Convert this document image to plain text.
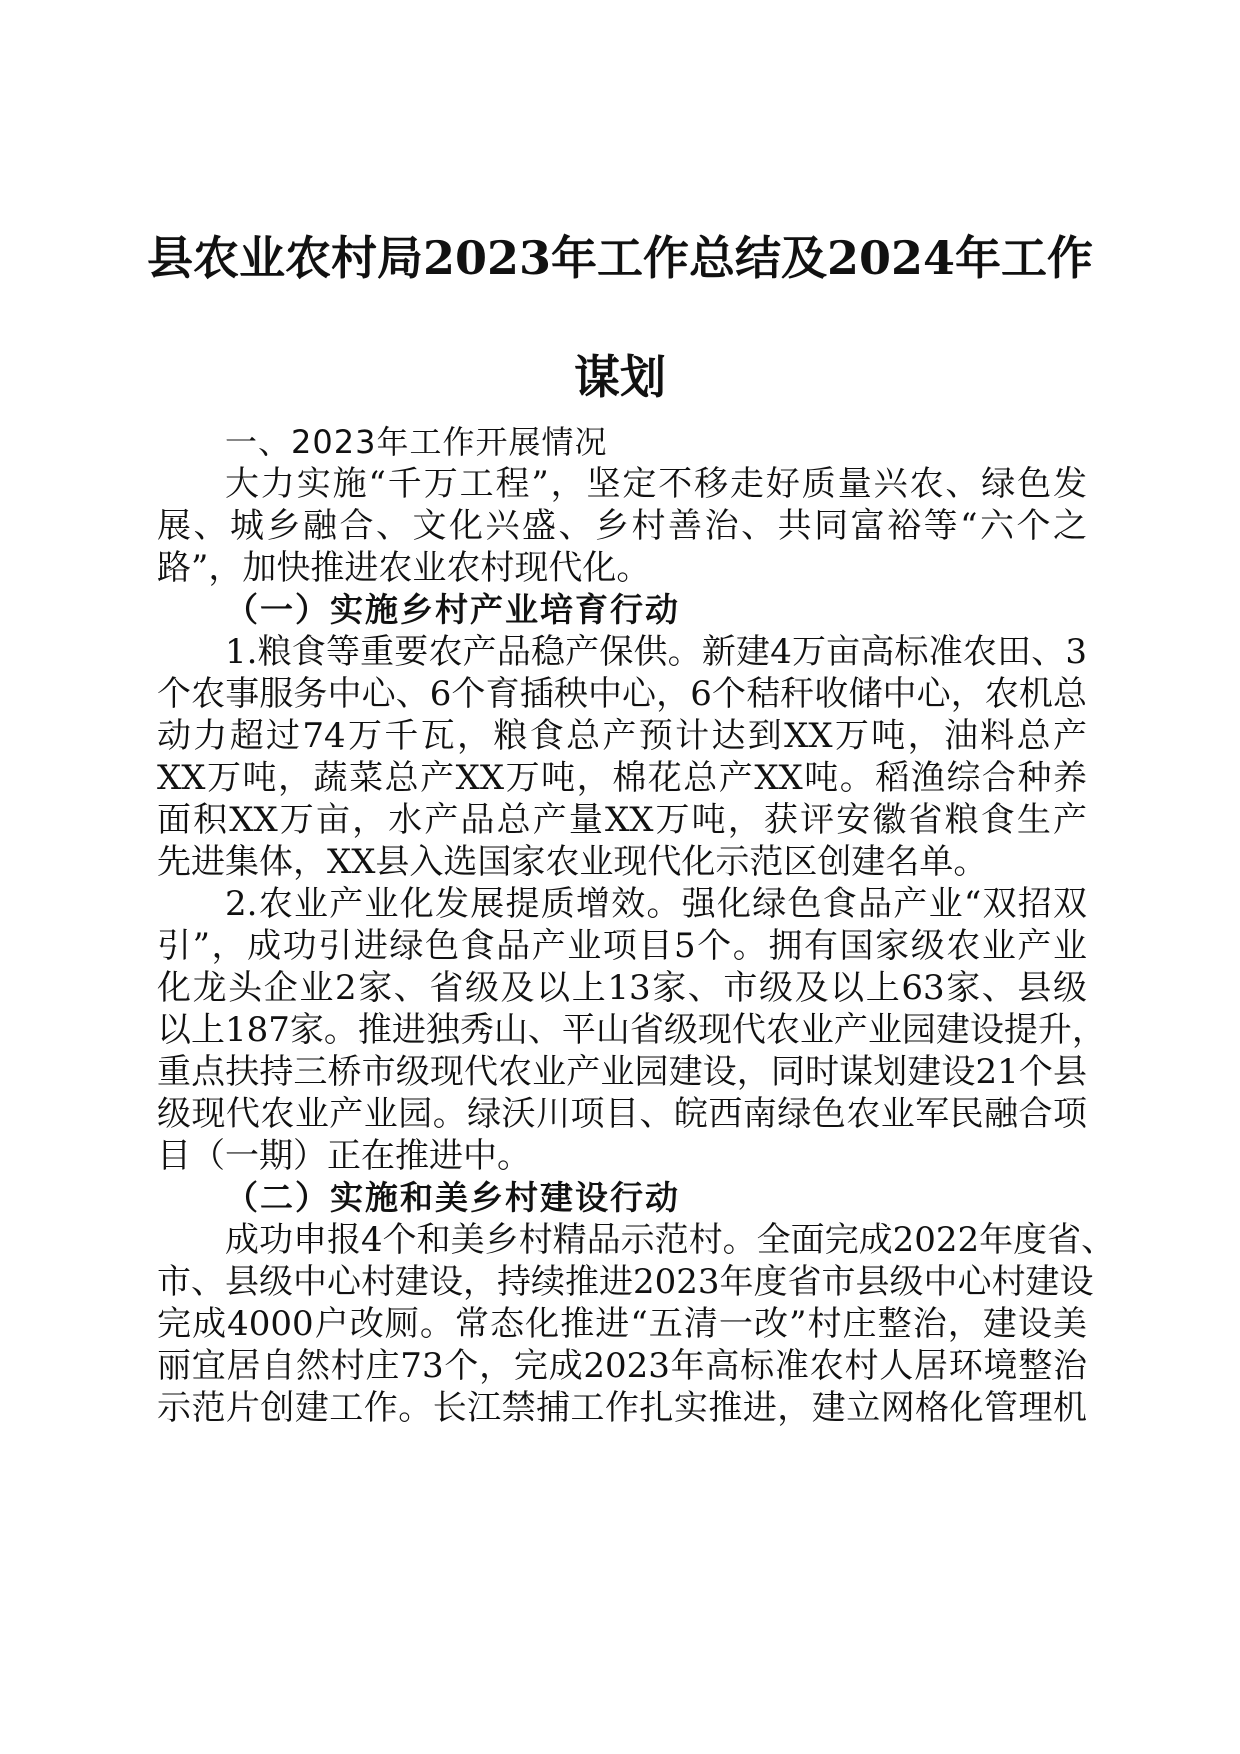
县农业农村局2023年工作总结及2024年工作
谋划
一、2023年工作开展情况
大力实施“千万工程”，坚定不移走好质量兴农、绿色发
展、城乡融合、文化兴盛、乡村善治、共同富裕等“六个之
路”，加快推进农业农村现代化。
（一）实施乡村产业培育行动
1.粮食等重要农产品稳产保供。新建4万亩高标准农田、3
个农事服务中心、6个育插秧中心，6个秸秆收储中心，农机总
动力超过74万千瓦，粮食总产预计达到XX万吨，油料总产
XX万吨，蔬菜总产XX万吨，棉花总产XX吨。稻渔综合种养
面积XX万亩，水产品总产量XX万吨，获评安徽省粮食生产
先进集体，XX县入选国家农业现代化示范区创建名单。
2.农业产业化发展提质增效。强化绿色食品产业“双招双
引”，成功引进绿色食品产业项目5个。拥有国家级农业产业
化龙头企业2家、省级及以上13家、市级及以上63家、县级
以上187家。推进独秀山、平山省级现代农业产业园建设提升，
重点扶持三桥市级现代农业产业园建设，同时谋划建设21个县
级现代农业产业园。绿沃川项目、皖西南绿色农业军民融合项
目（一期）正在推进中。
（二）实施和美乡村建设行动
成功申报4个和美乡村精品示范村。全面完成2022年度省、
市、县级中心村建设，持续推进2023年度省市县级中心村建设
完成4000户改厕。常态化推进“五清一改”村庄整治，建设美
丽宜居自然村庄73个，完成2023年高标准农村人居环境整治
示范片创建工作。长江禁捕工作扎实推进，建立网格化管理机
